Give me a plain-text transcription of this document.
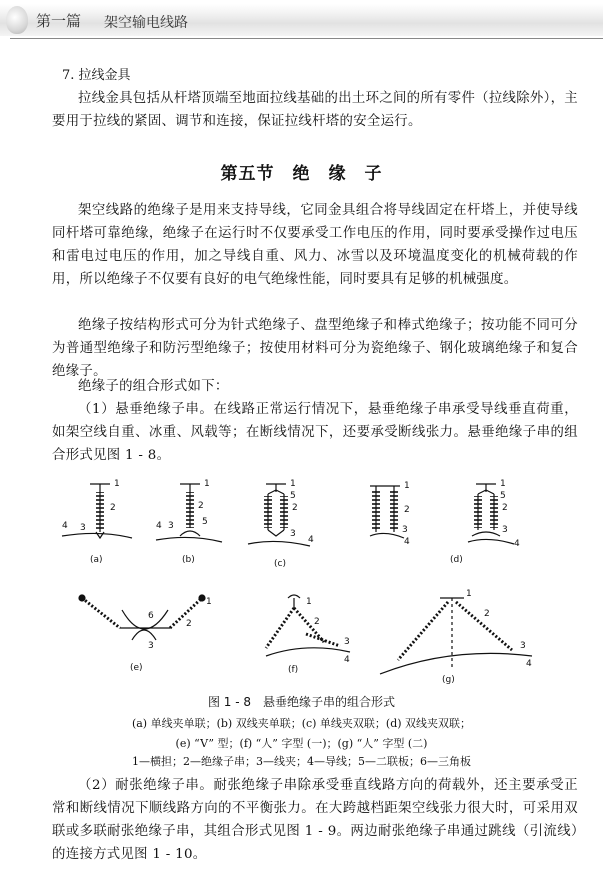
第一篇 架空输电线路
7. 拉线金具

拉线金具包括从杆塔顶端至地面拉线基础的出土环之间的所有零件（拉线除外），主要用于拉线的紧固、调节和连接，保证拉线杆塔的安全运行。

第五节　绝　缘　子

架空线路的绝缘子是用来支持导线，它同金具组合将导线固定在杆塔上，并使导线同杆塔可靠绝缘，绝缘子在运行时不仅要承受工作电压的作用，同时要承受操作过电压和雷电过电压的作用，加之导线自重、风力、冰雪以及环境温度变化的机械荷载的作用，所以绝缘子不仅要有良好的电气绝缘性能，同时要具有足够的机械强度。

绝缘子按结构形式可分为针式绝缘子、盘型绝缘子和棒式绝缘子；按功能不同可分为普通型绝缘子和防污型绝缘子；按使用材料可分为瓷绝缘子、钢化玻璃绝缘子和复合绝缘子。

绝缘子的组合形式如下：

（1）悬垂绝缘子串。在线路正常运行情况下，悬垂绝缘子串承受导线垂直荷重，如架空线自重、冰重、风载等；在断线情况下，还要承受断线张力。悬垂绝缘子串的组合形式见图 1 - 8。

1
2
3
4
1
2
5
3
4
1
5
2
3
4
1
2
3
4
1
5
2
3
4
1
2
6
3
1
2
3
4
1
2
3
4
(a)	(b)	(c)	(d)
(e)	(f)
(g)
图 1 - 8　悬垂绝缘子串的组合形式
(a) 单线夹单联；(b) 双线夹单联；(c) 单线夹双联；(d) 双线夹双联；
(e) “V” 型；(f) “人” 字型 (一)；(g) “人” 字型 (二)
1—横担；2—绝缘子串；3—线夹；4—导线；5—二联板；6—三角板

（2）耐张绝缘子串。耐张绝缘子串除承受垂直线路方向的荷载外，还主要承受正常和断线情况下顺线路方向的不平衡张力。在大跨越档距架空线张力很大时，可采用双联或多联耐张绝缘子串，其组合形式见图 1 - 9。两边耐张绝缘子串通过跳线（引流线）的连接方式见图 1 - 10。
